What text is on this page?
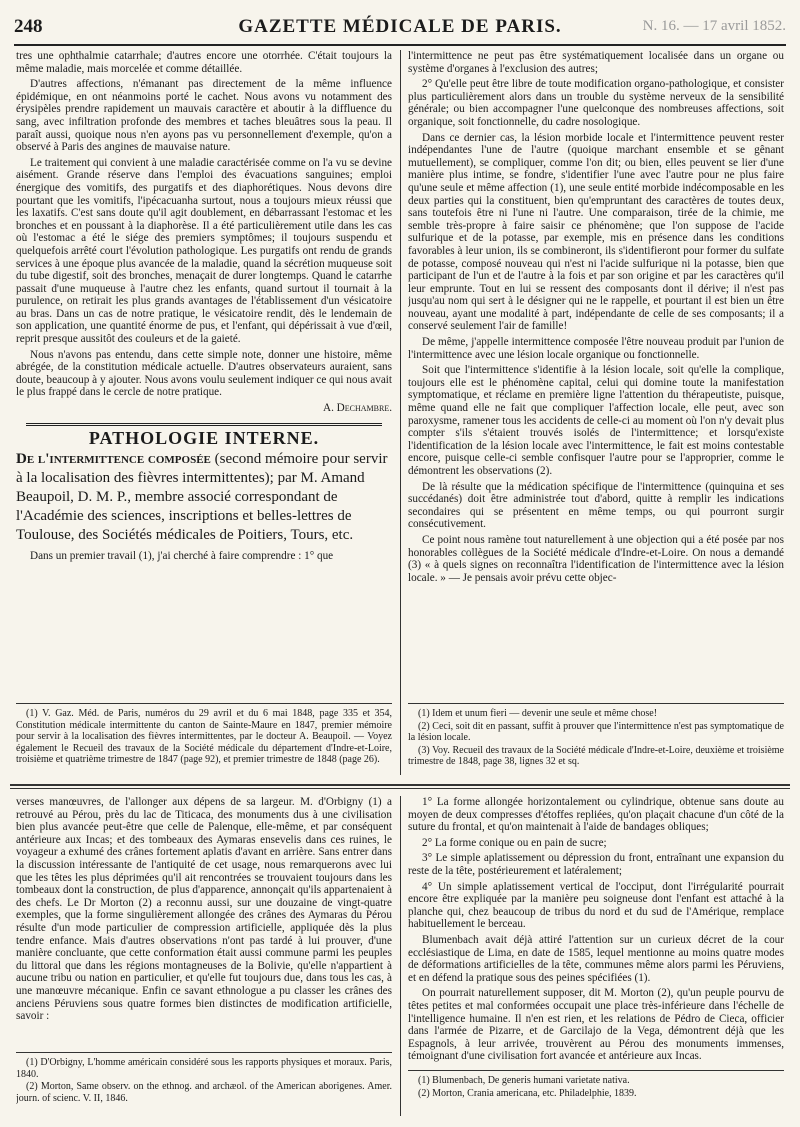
248	GAZETTE MÉDICALE DE PARIS.	N. 16. — 17 avril 1852.

tres une ophthalmie catarrhale; d'autres encore une otorrhée. C'était toujours la même maladie, mais morcelée et comme détaillée.

D'autres affections, n'émanant pas directement de la même influence épidémique, en ont néanmoins porté le cachet. Nous avons vu notamment des érysipèles prendre rapidement un mauvais caractère et aboutir à la diffluence du sang, avec infiltration profonde des membres et taches bleuâtres sous la peau. Il paraît aussi, quoique nous n'en ayons pas vu personnellement d'exemple, qu'on a observé à Paris des angines de mauvaise nature.

Le traitement qui convient à une maladie caractérisée comme on l'a vu se devine aisément. Grande réserve dans l'emploi des évacuations sanguines; emploi énergique des vomitifs, des purgatifs et des diaphorétiques. Nous devons dire pourtant que les vomitifs, l'ipécacuanha surtout, nous a toujours mieux réussi que les laxatifs. C'est sans doute qu'il agit doublement, en débarrassant l'estomac et les bronches et en poussant à la diaphorèse. Il a été particulièrement utile dans les cas où l'estomac a été le siége des premiers symptômes; il toujours suspendu et quelquefois arrêté court l'évolution pathologique. Les purgatifs ont rendu de grands services à une époque plus avancée de la maladie, quand la sécrétion muqueuse soit du tube digestif, soit des bronches, menaçait de durer longtemps. Quand le catarrhe passait d'une muqueuse à l'autre chez les enfants, quand surtout il tournait à la purulence, on retirait les plus grands avantages de l'établissement d'un vésicatoire au bras. Dans un cas de notre pratique, le vésicatoire rendit, dès le lendemain de son application, une quantité énorme de pus, et l'enfant, qui dépérissait à vue d'œil, reprit presque aussitôt des couleurs et de la gaieté.

Nous n'avons pas entendu, dans cette simple note, donner une histoire, même abrégée, de la constitution médicale actuelle. D'autres observateurs auraient, sans doute, beaucoup à y ajouter. Nous avons voulu seulement indiquer ce qui nous avait le plus frappé dans le cercle de notre pratique.

A. Dechambre.
PATHOLOGIE INTERNE.
De l'intermittence composée (second mémoire pour servir à la localisation des fièvres intermittentes); par M. Amand Beaupoil, D. M. P., membre associé correspondant de l'Académie des sciences, inscriptions et belles-lettres de Toulouse, des Sociétés médicales de Poitiers, Tours, etc.

Dans un premier travail (1), j'ai cherché à faire comprendre : 1° que

l'intermittence ne peut pas être systématiquement localisée dans un organe ou système d'organes à l'exclusion des autres;

2° Qu'elle peut être libre de toute modification organo-pathologique, et consister plus particulièrement alors dans un trouble du système nerveux de la sensibilité générale; ou bien accompagner l'une quelconque des nombreuses affections, soit organique, soit fonctionnelle, du cadre nosologique.

Dans ce dernier cas, la lésion morbide locale et l'intermittence peuvent rester indépendantes l'une de l'autre (quoique marchant ensemble et se gênant mutuellement), se compliquer, comme l'on dit; ou bien, elles peuvent se lier d'une manière plus intime, se fondre, s'identifier l'une avec l'autre pour ne plus faire qu'une seule et même affection (1), une seule entité morbide indécomposable en les deux parties qui la constituent, bien qu'empruntant des caractères de toutes deux, sans toutefois être ni l'une ni l'autre. Une comparaison, tirée de la chimie, me semble très-propre à faire saisir ce phénomène; que l'on suppose de l'acide sulfurique et de la potasse, par exemple, mis en présence dans les conditions favorables à leur union, ils se combineront, ils s'identifieront pour former du sulfate de potasse, composé nouveau qui n'est ni l'acide sulfurique ni la potasse, bien que participant de l'un et de l'autre à la fois et par son origine et par les caractères qu'il leur emprunte. Tout en lui se ressent des composants dont il dérive; il n'est pas jusqu'au nom qui sert à le désigner qui ne le rappelle, et pourtant il est bien un être nouveau, ayant une modalité à part, indépendante de celle de ses composants; il a conservé seulement l'air de famille!

De même, j'appelle intermittence composée l'être nouveau produit par l'union de l'intermittence avec une lésion locale organique ou fonctionnelle.

Soit que l'intermittence s'identifie à la lésion locale, soit qu'elle la complique, toujours elle est le phénomène capital, celui qui domine toute la manifestation symptomatique, et réclame en première ligne l'attention du thérapeutiste, puisque, même quand elle ne fait que compliquer l'affection locale, elle peut, avec son paroxysme, ramener tous les accidents de celle-ci au moment où l'on n'y devait plus compter s'ils s'étaient trouvés isolés de l'intermittence; et lorsqu'existe l'identification de la lésion locale avec l'intermittence, le fait est moins contestable encore, puisque celle-ci semble confisquer l'autre pour se l'approprier, comme le démontrent les observations (2).

De là résulte que la médication spécifique de l'intermittence (quinquina et ses succédanés) doit être administrée tout d'abord, quitte à remplir les indications secondaires qui se présentent en même temps, ou qui pourront surgir consécutivement.

Ce point nous ramène tout naturellement à une objection qui a été posée par nos honorables collègues de la Société médicale d'Indre-et-Loire. On nous a demandé (3) « à quels signes on reconnaîtra l'identification de l'intermittence avec la lésion locale. » — Je pensais avoir prévu cette objec-

(1) V. Gaz. Méd. de Paris, numéros du 29 avril et du 6 mai 1848, page 335 et 354, Constitution médicale intermittente du canton de Sainte-Maure en 1847, premier mémoire pour servir à la localisation des fièvres intermittentes, par le docteur A. Beaupoil. — Voyez également le Recueil des travaux de la Société médicale du département d'Indre-et-Loire, troisième et quatrième trimestre de 1847 (page 92), et premier trimestre de 1848 (page 26).

(1) Idem et unum fieri — devenir une seule et même chose!

(2) Ceci, soit dit en passant, suffit à prouver que l'intermittence n'est pas symptomatique de la lésion locale.

(3) Voy. Recueil des travaux de la Société médicale d'Indre-et-Loire, deuxième et troisième trimestre de 1848, page 38, lignes 32 et sq.

verses manœuvres, de l'allonger aux dépens de sa largeur. M. d'Orbigny (1) a retrouvé au Pérou, près du lac de Titicaca, des monuments dus à une civilisation bien plus avancée peut-être que celle de Palenque, elle-même, et par conséquent antérieure aux Incas; et des tombeaux des Aymaras ensevelis dans ces ruines, le voyageur a exhumé des crânes fortement aplatis d'avant en arrière. Sans entrer dans la discussion intéressante de l'antiquité de cet usage, nous remarquerons avec lui que les têtes les plus déprimées qu'il ait rencontrées se trouvaient toujours dans les tombeaux dont la construction, de plus d'apparence, annonçait qu'ils appartenaient à des chefs. Le Dr Morton (2) a reconnu aussi, sur une douzaine de vingt-quatre exemples, que la forme singulièrement allongée des crânes des Aymaras du Pérou résulte d'un mode particulier de compression artificielle, appliquée dès la plus tendre enfance. Mais d'autres observations n'ont pas tardé à lui prouver, d'une manière concluante, que cette conformation était aussi commune parmi les peuples du littoral que dans les régions montagneuses de la Bolivie, qu'elle n'appartient à aucune tribu ou nation en particulier, et qu'elle fut toujours due, dans tous les cas, à une manœuvre mécanique. Enfin ce savant ethnologue a pu classer les crânes des anciens Péruviens sous quatre formes bien distinctes de modification artificielle, savoir :

1° La forme allongée horizontalement ou cylindrique, obtenue sans doute au moyen de deux compresses d'étoffes repliées, qu'on plaçait chacune d'un côté de la suture du frontal, et qu'on maintenait à l'aide de bandages obliques;

2° La forme conique ou en pain de sucre;

3° Le simple aplatissement ou dépression du front, entraînant une expansion du reste de la tête, postérieurement et latéralement;

4° Un simple aplatissement vertical de l'occiput, dont l'irrégularité pourrait encore être expliquée par la manière peu soigneuse dont l'enfant est attaché à la planche qui, chez beaucoup de tribus du nord et du sud de l'Amérique, remplace habituellement le berceau.

Blumenbach avait déjà attiré l'attention sur un curieux décret de la cour ecclésiastique de Lima, en date de 1585, lequel mentionne au moins quatre modes de déformations artificielles de la tête, communes même alors parmi les Péruviens, et en défend la pratique sous des peines spécifiées (1).

On pourrait naturellement supposer, dit M. Morton (2), qu'un peuple pourvu de têtes petites et mal conformées occupait une place très-inférieure dans l'échelle de l'intelligence humaine. Il n'en est rien, et les relations de Pédro de Cieca, officier dans l'armée de Pizarre, et de Garcilajo de la Vega, démontrent déjà que les Espagnols, à leur arrivée, trouvèrent au Pérou des monuments immenses, témoignant d'une civilisation fort avancée et antérieure aux Incas.

(1) D'Orbigny, L'homme américain considéré sous les rapports physiques et moraux. Paris, 1840.

(2) Morton, Same observ. on the ethnog. and archæol. of the American aborigenes. Amer. journ. of scienc. V. II, 1846.

(1) Blumenbach, De generis humani varietate nativa.

(2) Morton, Crania americana, etc. Philadelphie, 1839.
